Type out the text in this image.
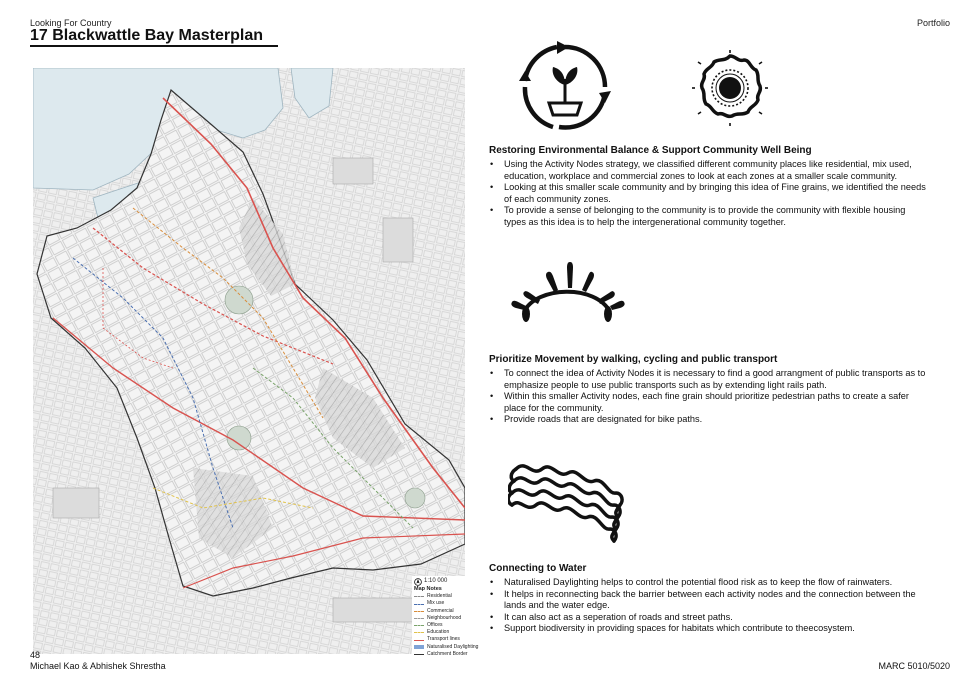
Looking For Country	Portfolio
17 Blackwattle Bay Masterplan
1:10 000
Map Notes
Residential
Mix use
Commercial
Neighbourhood
Offices
Education
Transport lines
Naturalised Daylighting
Catchment Border
Restoring Environmental Balance & Support Community Well Being
• Using the Activity Nodes strategy, we classified different community places like residential, mix used, education, workplace and commercial zones to look at each zones at a smaller scale community.
• Looking at this smaller scale community and by bringing this idea of Fine grains, we identified the needs of each community zones.
• To provide a sense of belonging to the community is to provide the community with flexible housing types as this idea is to help the intergenerational community together.
Prioritize Movement by walking, cycling and public transport
• To connect the idea of Activity Nodes it is necessary to find a good arrangment of public transports as to emphasize people to use public transports such as by extending light rails path.
• Within this smaller Activity nodes, each fine grain should prioritize pedestrian paths to create a safer place for the community.
• Provide roads that are designated for bike paths.
Connecting to Water
• Naturalised Daylighting helps to control the potential flood risk as to keep the flow of rainwaters.
• It helps in reconnecting back the barrier between each activity nodes and the connection between the lands and the water edge.
• It can also act as a seperation of roads and street paths.
• Support biodiversity in providing spaces for habitats which contribute to theecosystem.
48
Michael Kao & Abhishek Shrestha	MARC 5010/5020
